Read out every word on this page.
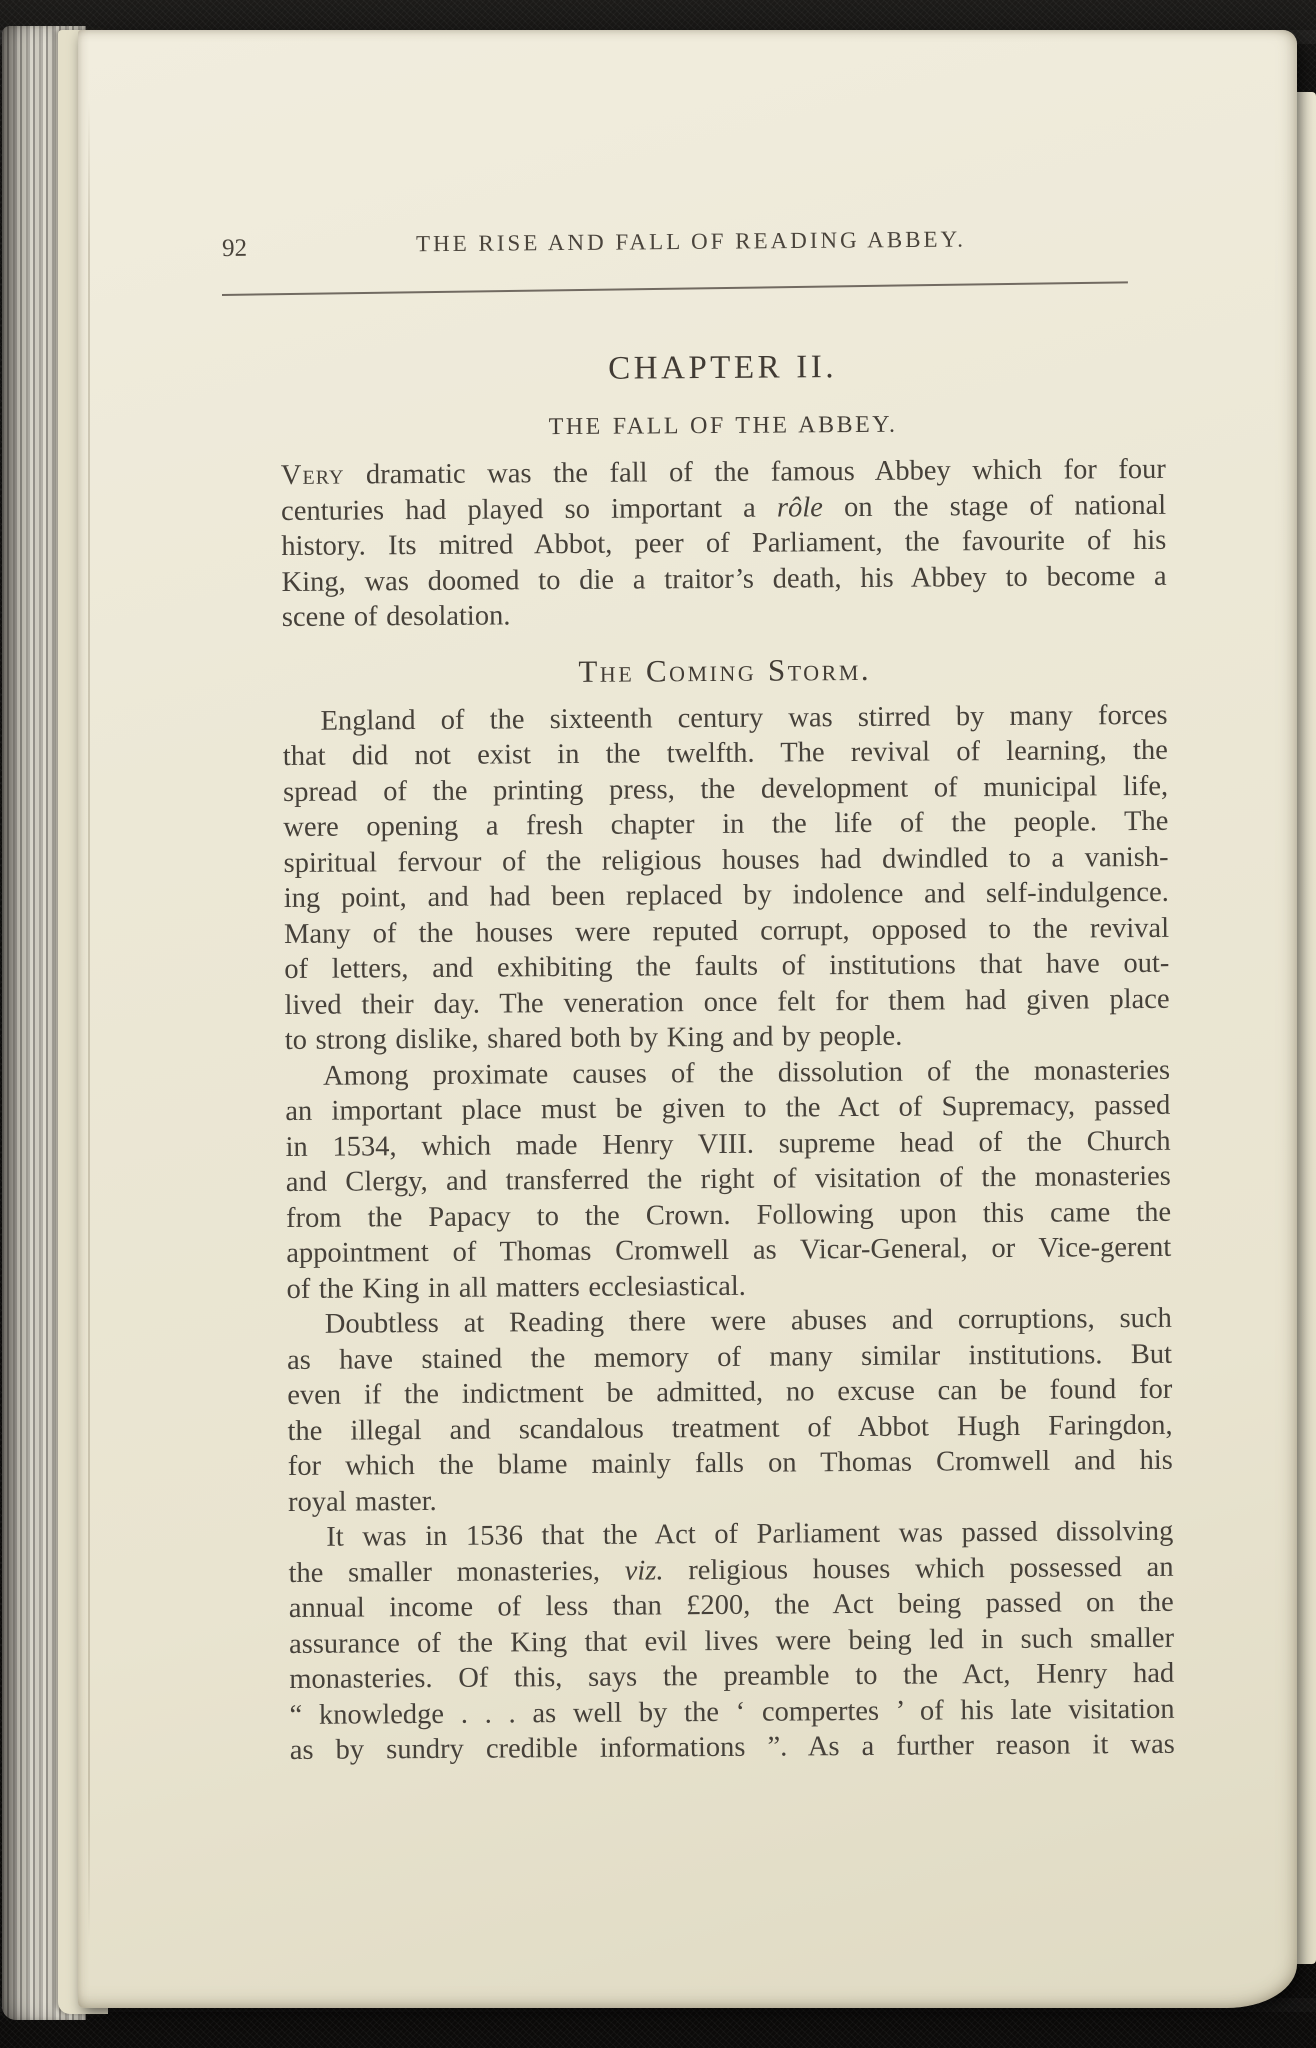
92	THE RISE AND FALL OF READING ABBEY.
CHAPTER II.
THE FALL OF THE ABBEY.
Very dramatic was the fall of the famous Abbey which for four
centuries had played so important a rôle on the stage of national
history. Its mitred Abbot, peer of Parliament, the favourite of his
King, was doomed to die a traitor’s death, his Abbey to become a
scene of desolation.
The Coming Storm.
England of the sixteenth century was stirred by many forces
that did not exist in the twelfth. The revival of learning, the
spread of the printing press, the development of municipal life,
were opening a fresh chapter in the life of the people. The
spiritual fervour of the religious houses had dwindled to a vanish-
ing point, and had been replaced by indolence and self-indulgence.
Many of the houses were reputed corrupt, opposed to the revival
of letters, and exhibiting the faults of institutions that have out-
lived their day. The veneration once felt for them had given place
to strong dislike, shared both by King and by people.
Among proximate causes of the dissolution of the monasteries
an important place must be given to the Act of Supremacy, passed
in 1534, which made Henry VIII. supreme head of the Church
and Clergy, and transferred the right of visitation of the monasteries
from the Papacy to the Crown. Following upon this came the
appointment of Thomas Cromwell as Vicar-General, or Vice-gerent
of the King in all matters ecclesiastical.
Doubtless at Reading there were abuses and corruptions, such
as have stained the memory of many similar institutions. But
even if the indictment be admitted, no excuse can be found for
the illegal and scandalous treatment of Abbot Hugh Faringdon,
for which the blame mainly falls on Thomas Cromwell and his
royal master.
It was in 1536 that the Act of Parliament was passed dissolving
the smaller monasteries, viz. religious houses which possessed an
annual income of less than £200, the Act being passed on the
assurance of the King that evil lives were being led in such smaller
monasteries. Of this, says the preamble to the Act, Henry had
“ knowledge . . . as well by the ‘ compertes ’ of his late visitation
as by sundry credible informations ”. As a further reason it was
